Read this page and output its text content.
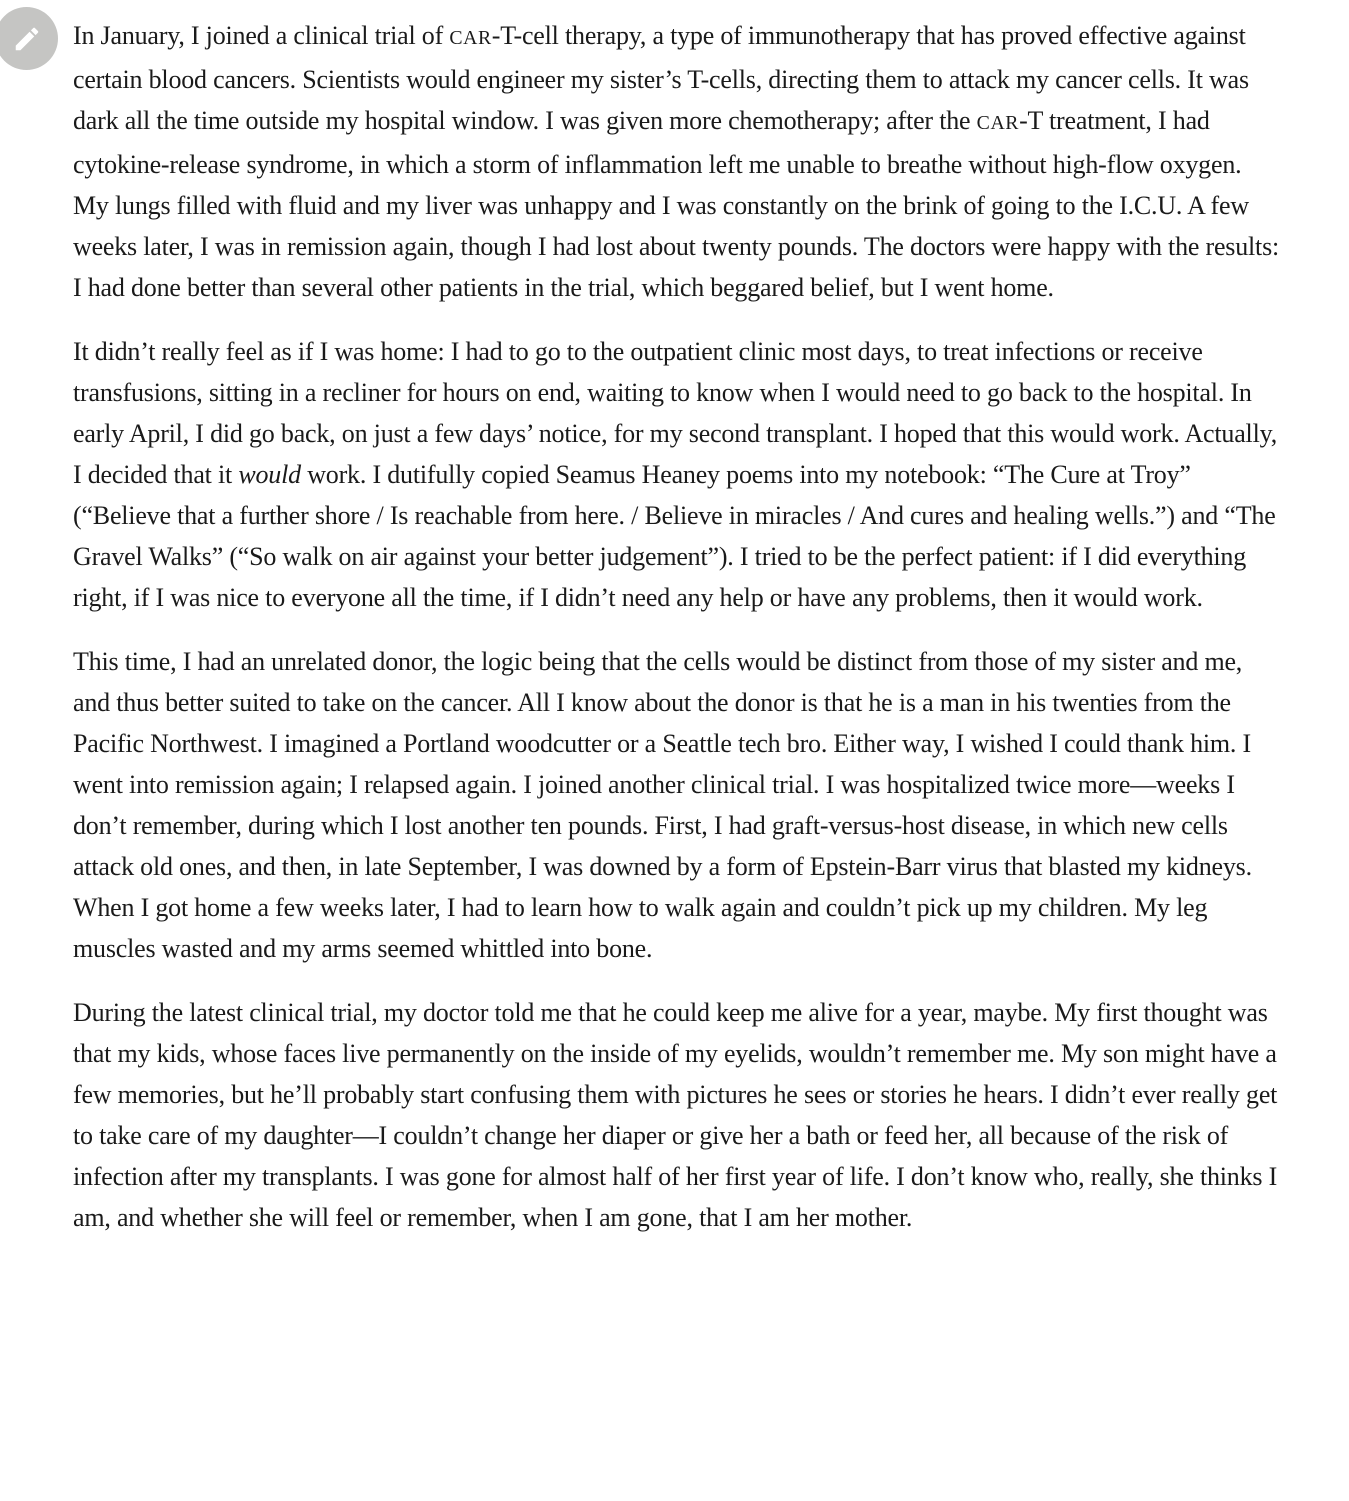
In January, I joined a clinical trial of CAR-T-cell therapy, a type of immunotherapy that has proved effective against certain blood cancers. Scientists would engineer my sister’s T-cells, directing them to attack my cancer cells. It was dark all the time outside my hospital window. I was given more chemotherapy; after the CAR-T treatment, I had cytokine-release syndrome, in which a storm of inflammation left me unable to breathe without high-flow oxygen. My lungs filled with fluid and my liver was unhappy and I was constantly on the brink of going to the I.C.U. A few weeks later, I was in remission again, though I had lost about twenty pounds. The doctors were happy with the results: I had done better than several other patients in the trial, which beggared belief, but I went home.

It didn’t really feel as if I was home: I had to go to the outpatient clinic most days, to treat infections or receive transfusions, sitting in a recliner for hours on end, waiting to know when I would need to go back to the hospital. In early April, I did go back, on just a few days’ notice, for my second transplant. I hoped that this would work. Actually, I decided that it would work. I dutifully copied Seamus Heaney poems into my notebook: “The Cure at Troy” (“Believe that a further shore / Is reachable from here. / Believe in miracles / And cures and healing wells.”) and “The Gravel Walks” (“So walk on air against your better judgement”). I tried to be the perfect patient: if I did everything right, if I was nice to everyone all the time, if I didn’t need any help or have any problems, then it would work.

This time, I had an unrelated donor, the logic being that the cells would be distinct from those of my sister and me, and thus better suited to take on the cancer. All I know about the donor is that he is a man in his twenties from the Pacific Northwest. I imagined a Portland woodcutter or a Seattle tech bro. Either way, I wished I could thank him. I went into remission again; I relapsed again. I joined another clinical trial. I was hospitalized twice more—weeks I don’t remember, during which I lost another ten pounds. First, I had graft-versus-host disease, in which new cells attack old ones, and then, in late September, I was downed by a form of Epstein-Barr virus that blasted my kidneys. When I got home a few weeks later, I had to learn how to walk again and couldn’t pick up my children. My leg muscles wasted and my arms seemed whittled into bone.

During the latest clinical trial, my doctor told me that he could keep me alive for a year, maybe. My first thought was that my kids, whose faces live permanently on the inside of my eyelids, wouldn’t remember me. My son might have a few memories, but he’ll probably start confusing them with pictures he sees or stories he hears. I didn’t ever really get to take care of my daughter—I couldn’t change her diaper or give her a bath or feed her, all because of the risk of infection after my transplants. I was gone for almost half of her first year of life. I don’t know who, really, she thinks I am, and whether she will feel or remember, when I am gone, that I am her mother.
